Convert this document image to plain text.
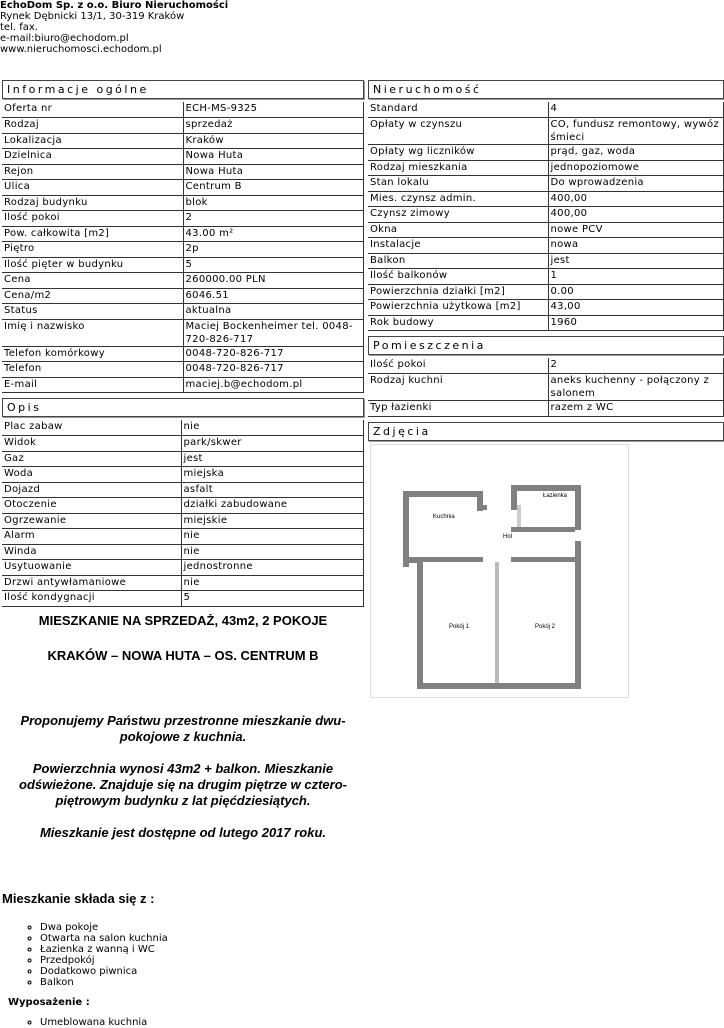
EchoDom Sp. z o.o. Biuro Nieruchomości
Rynek Dębnicki 13/1, 30-319 Kraków
tel. fax.
e-mail:biuro@echodom.pl
www.nieruchomosci.echodom.pl
Informacje ogólne
Oferta nr	ECH-MS-9325
Rodzaj	sprzedaż
Lokalizacja	Kraków
Dzielnica	Nowa Huta
Rejon	Nowa Huta
Ulica	Centrum B
Rodzaj budynku	blok
Ilość pokoi	2
Pow. całkowita [m2]	43.00 m²
Piętro	2p
Ilość pięter w budynku	5
Cena	260000.00 PLN
Cena/m2	6046.51
Status	aktualna
Imię i nazwisko	Maciej Bockenheimer tel. 0048-720-826-717
Telefon komórkowy	0048-720-826-717
Telefon	0048-720-826-717
E-mail	maciej.b@echodom.pl
Opis
Plac zabaw	nie
Widok	park/skwer
Gaz	jest
Woda	miejska
Dojazd	asfalt
Otoczenie	działki zabudowane
Ogrzewanie	miejskie
Alarm	nie
Winda	nie
Usytuowanie	jednostronne
Drzwi antywłamaniowe	nie
Ilość kondygnacji	5

MIESZKANIE NA SPRZEDAŻ, 43m2, 2 POKOJE

KRAKÓW – NOWA HUTA – OS. CENTRUM B

Proponujemy Państwu przestronne mieszkanie dwu-pokojowe z kuchnia.

Powierzchnia wynosi 43m2 + balkon. Mieszkanie odświeżone. Znajduje się na drugim piętrze w cztero-piętrowym budynku z lat pięćdziesiątych.

Mieszkanie jest dostępne od lutego 2017 roku.

Mieszkanie składa się z :
◦ Dwa pokoje
◦ Otwarta na salon kuchnia
◦ Łazienka z wanną i WC
◦ Przedpokój
◦ Dodatkowo piwnica
◦ Balkon
Wyposażenie :
◦ Umeblowana kuchnia
Nieruchomość
Standard	4
Opłaty w czynszu	CO, fundusz remontowy, wywóz śmieci
Opłaty wg liczników	prąd, gaz, woda
Rodzaj mieszkania	jednopoziomowe
Stan lokalu	Do wprowadzenia
Mies. czynsz admin.	400,00
Czynsz zimowy	400,00
Okna	nowe PCV
Instalacje	nowa
Balkon	jest
Ilość balkonów	1
Powierzchnia działki [m2]	0.00
Powierzchnia użytkowa [m2]	43,00
Rok budowy	1960
Pomieszczenia
Ilość pokoi	2
Rodzaj kuchni	aneks kuchenny - połączony z salonem
Typ łazienki	razem z WC
Zdjęcia
Łazienka
Kuchnia
Hol
Pokój 1	Pokój 2
